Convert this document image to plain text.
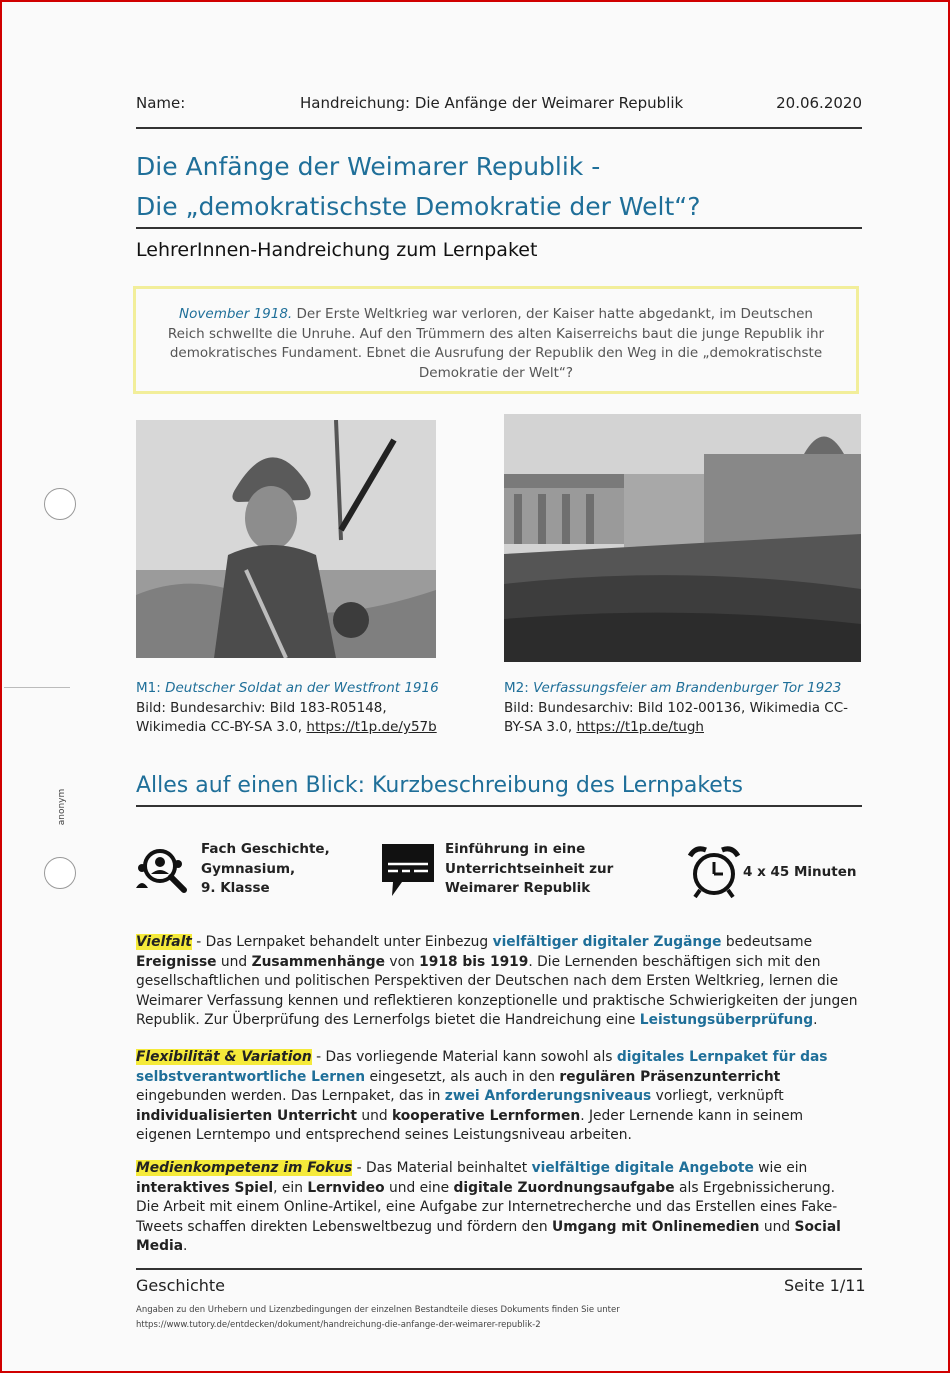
Name:	Handreichung: Die Anfänge der Weimarer Republik	20.06.2020
Die Anfänge der Weimarer Republik -
Die „demokratischste Demokratie der Welt“?
LehrerInnen-Handreichung zum Lernpaket
November 1918. Der Erste Weltkrieg war verloren, der Kaiser hatte abgedankt, im Deutschen Reich schwellte die Unruhe. Auf den Trümmern des alten Kaiserreichs baut die junge Republik ihr demokratisches Fundament. Ebnet die Ausrufung der Republik den Weg in die „demokratischste Demokratie der Welt“?
M1: Deutscher Soldat an der Westfront 1916
Bild: Bundesarchiv: Bild 183-R05148, Wikimedia CC-BY-SA 3.0, https://t1p.de/y57b
M2: Verfassungsfeier am Brandenburger Tor 1923
Bild: Bundesarchiv: Bild 102-00136, Wikimedia CC-BY-SA 3.0, https://t1p.de/tugh
anonym
Alles auf einen Blick: Kurzbeschreibung des Lernpakets
Fach Geschichte,
Gymnasium,
9. Klasse
Einführung in eine
Unterrichtseinheit zur
Weimarer Republik
4 x 45 Minuten
Vielfalt - Das Lernpaket behandelt unter Einbezug vielfältiger digitaler Zugänge bedeutsame Ereignisse und Zusammenhänge von 1918 bis 1919. Die Lernenden beschäftigen sich mit den gesellschaftlichen und politischen Perspektiven der Deutschen nach dem Ersten Weltkrieg, lernen die Weimarer Verfassung kennen und reflektieren konzeptionelle und praktische Schwierigkeiten der jungen Republik. Zur Überprüfung des Lernerfolgs bietet die Handreichung eine Leistungsüberprüfung.
Flexibilität & Variation - Das vorliegende Material kann sowohl als digitales Lernpaket für das selbstverantwortliche Lernen eingesetzt, als auch in den regulären Präsenzunterricht eingebunden werden. Das Lernpaket, das in zwei Anforderungsniveaus vorliegt, verknüpft individualisierten Unterricht und kooperative Lernformen. Jeder Lernende kann in seinem eigenen Lerntempo und entsprechend seines Leistungsniveau arbeiten.
Medienkompetenz im Fokus - Das Material beinhaltet vielfältige digitale Angebote wie ein interaktives Spiel, ein Lernvideo und eine digitale Zuordnungsaufgabe als Ergebnissicherung. Die Arbeit mit einem Online-Artikel, eine Aufgabe zur Internetrecherche und das Erstellen eines Fake-Tweets schaffen direkten Lebensweltbezug und fördern den Umgang mit Onlinemedien und Social Media.
Geschichte	Seite 1/11
Angaben zu den Urhebern und Lizenzbedingungen der einzelnen Bestandteile dieses Dokuments finden Sie unter
https://www.tutory.de/entdecken/dokument/handreichung-die-anfange-der-weimarer-republik-2
